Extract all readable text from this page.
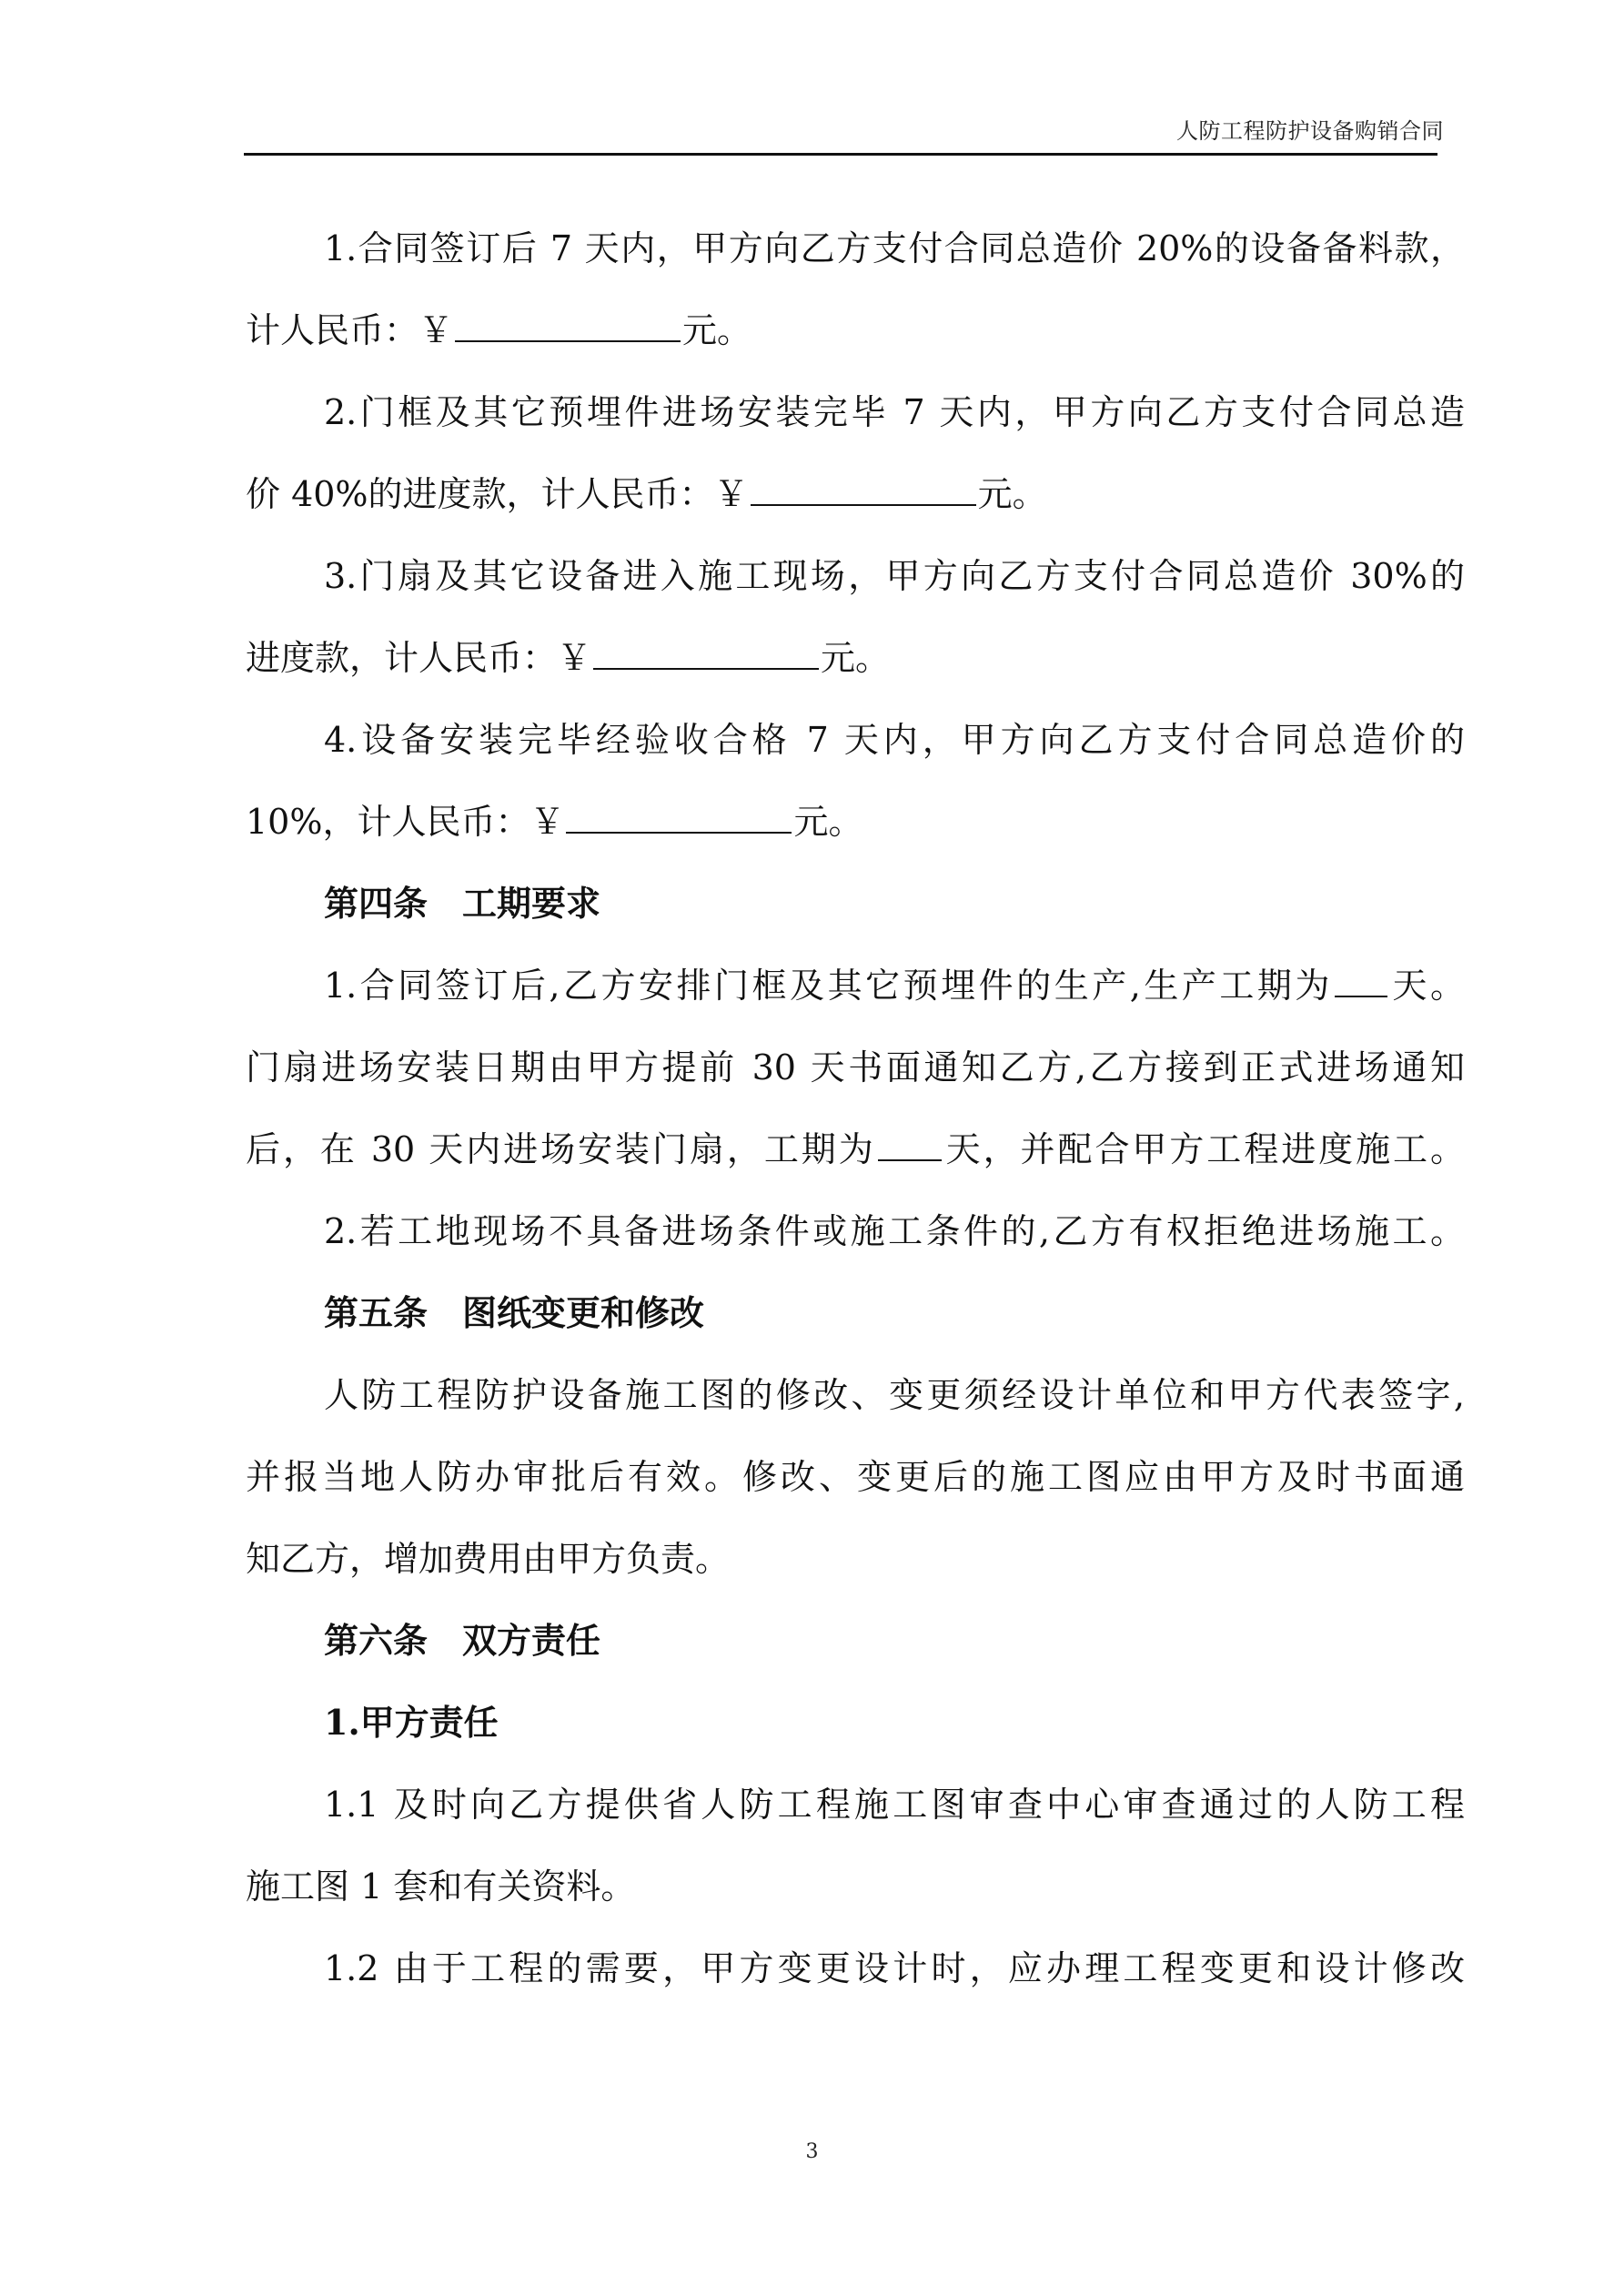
人防工程防护设备购销合同

1.合同签订后 7 天内，甲方向乙方支付合同总造价 20%的设备备料款，

计人民币：￥	元。

2.门框及其它预埋件进场安装完毕 7 天内，甲方向乙方支付合同总造

价 40%的进度款，计人民币：￥	元。

3.门扇及其它设备进入施工现场，甲方向乙方支付合同总造价 30%的

进度款，计人民币：￥	元。

4.设备安装完毕经验收合格 7 天内，甲方向乙方支付合同总造价的

10%，计人民币：￥	元。

第四条　工期要求

1.合同签订后,乙方安排门框及其它预埋件的生产,生产工期为 天。

门扇进场安装日期由甲方提前 30 天书面通知乙方,乙方接到正式进场通知

后，在 30 天内进场安装门扇，工期为 天，并配合甲方工程进度施工。

2.若工地现场不具备进场条件或施工条件的,乙方有权拒绝进场施工。

第五条　图纸变更和修改

人防工程防护设备施工图的修改、变更须经设计单位和甲方代表签字,

并报当地人防办审批后有效。修改、变更后的施工图应由甲方及时书面通

知乙方，增加费用由甲方负责。

第六条　双方责任

1.甲方责任

1.1 及时向乙方提供省人防工程施工图审查中心审查通过的人防工程

施工图 1 套和有关资料。

1.2 由于工程的需要，甲方变更设计时，应办理工程变更和设计修改

3
